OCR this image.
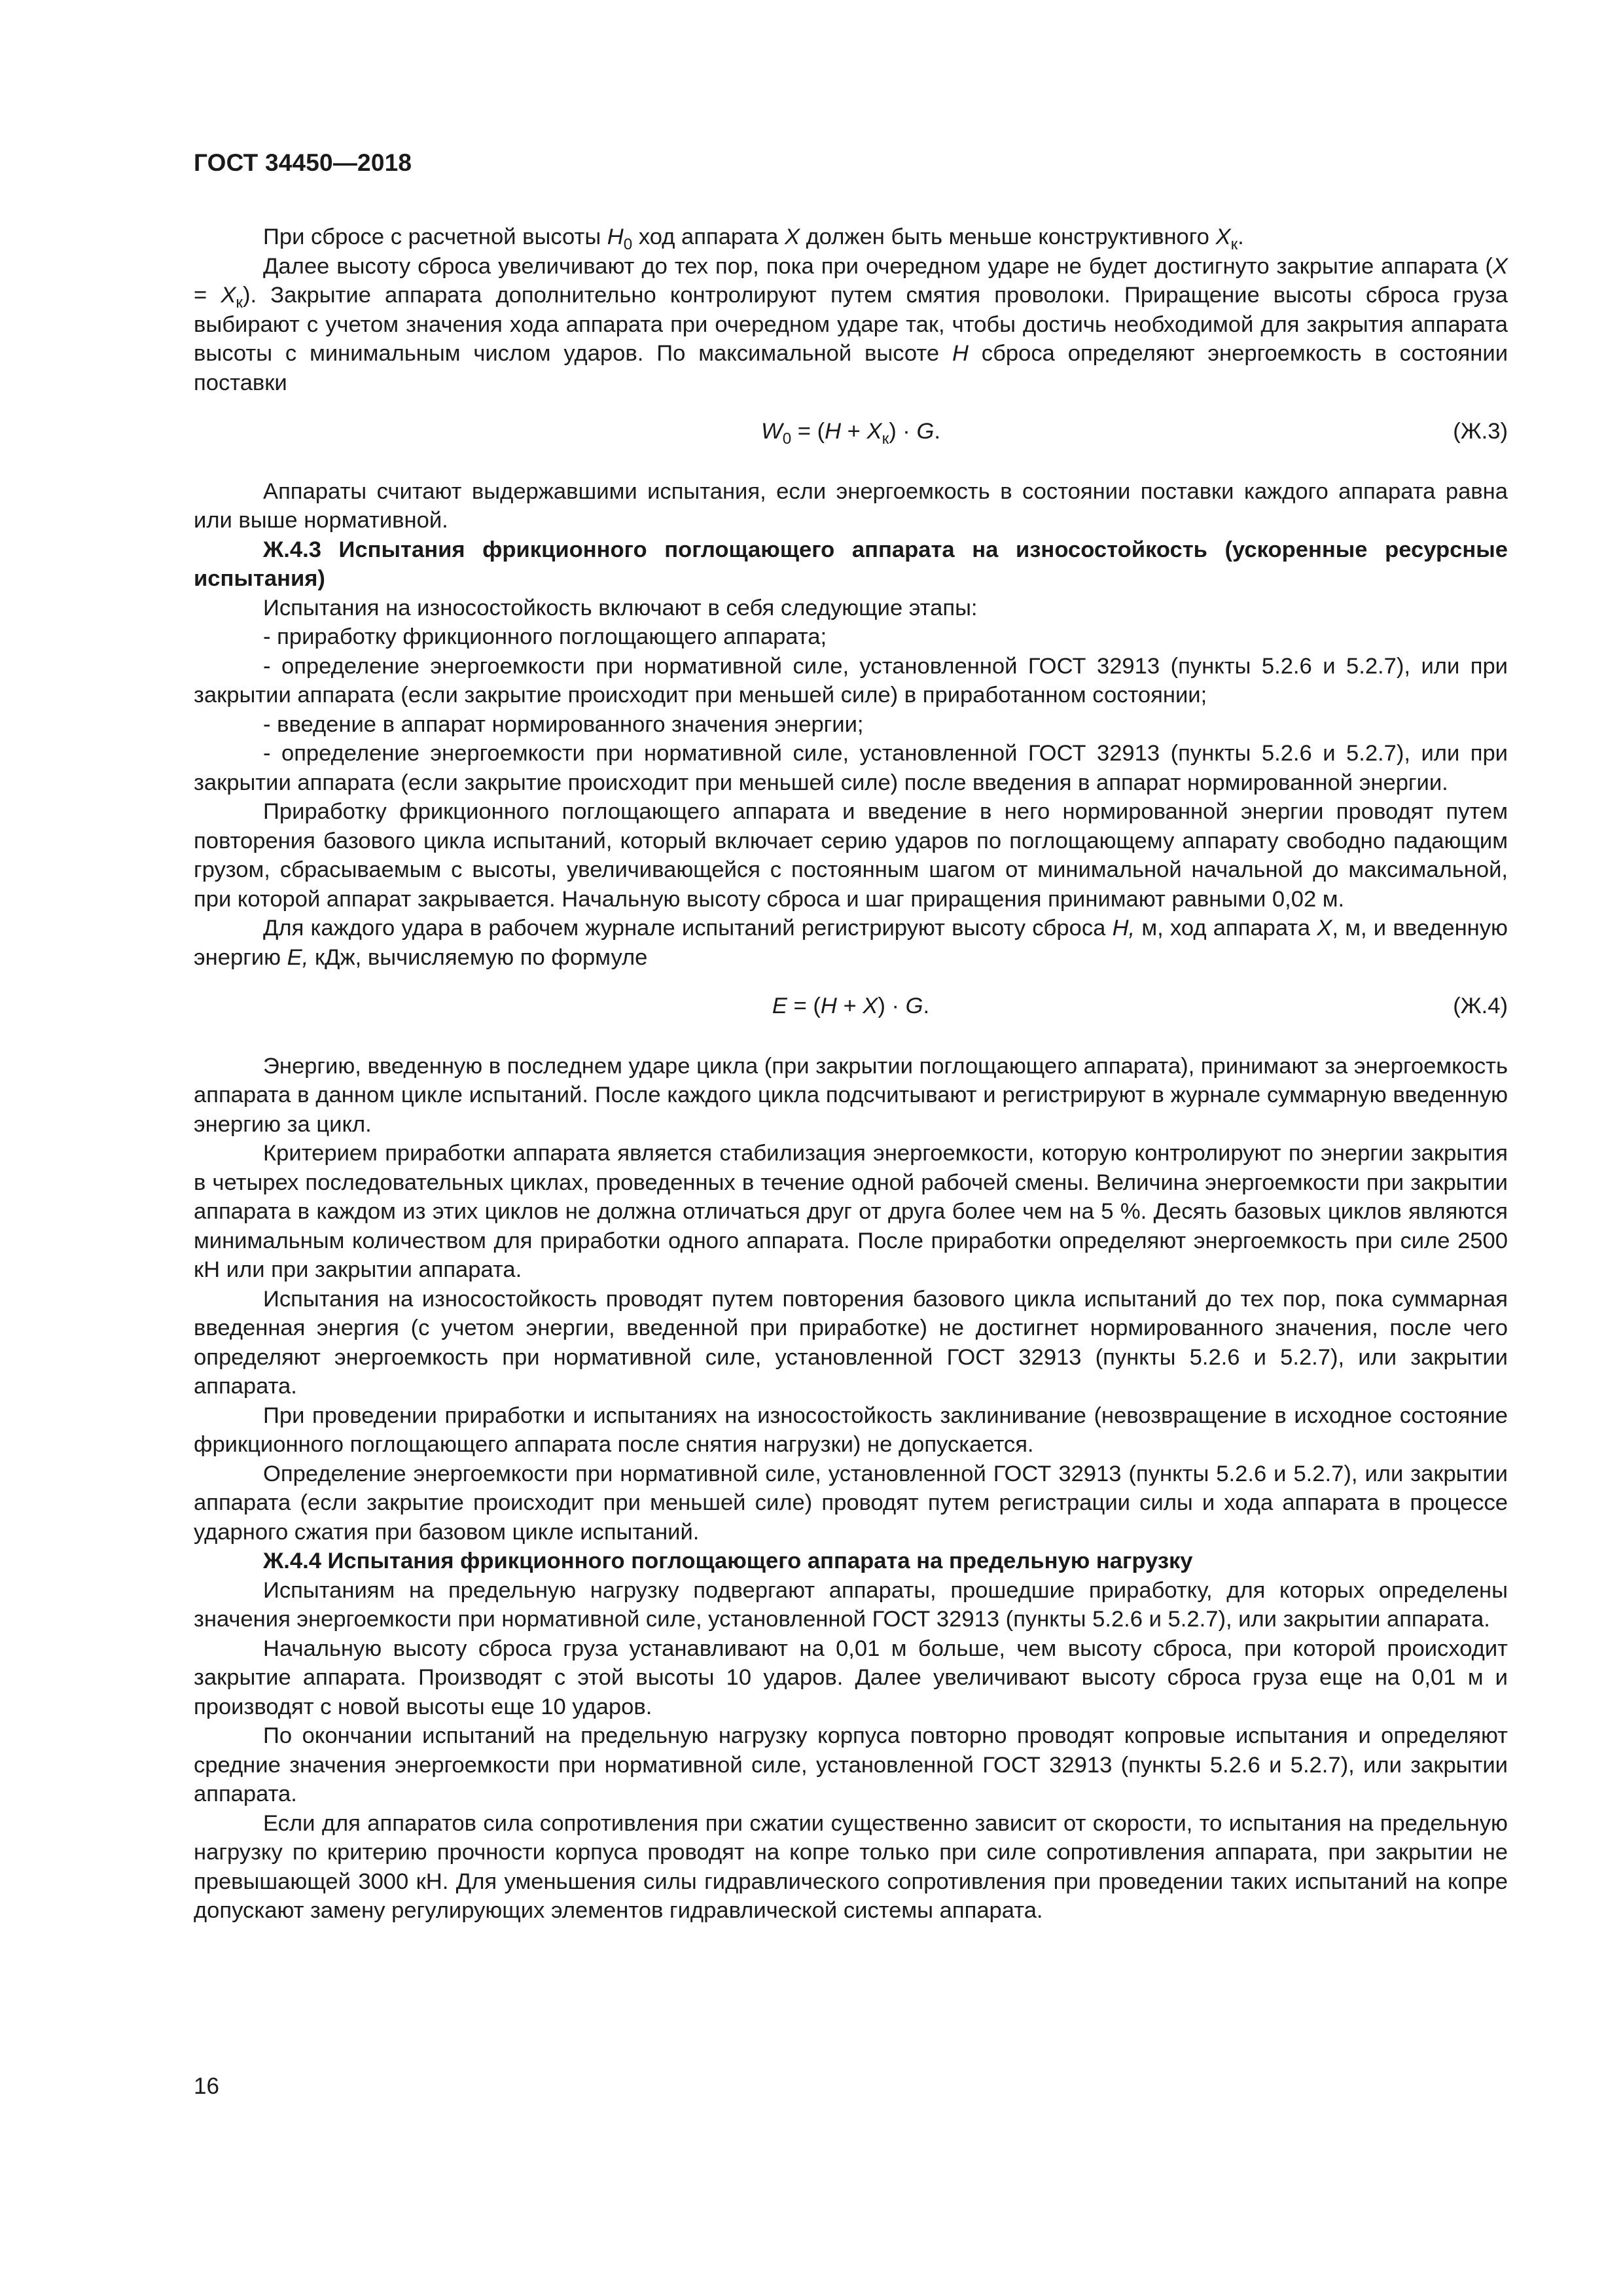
ГОСТ 34450—2018

При сбросе с расчетной высоты $H_0$ ход аппарата X должен быть меньше конструктивного $X_к$.

Далее высоту сброса увеличивают до тех пор, пока при очередном ударе не будет достигнуто закрытие аппарата $(X = X_к)$. Закрытие аппарата дополнительно контролируют путем смятия проволоки. Приращение высоты сброса груза выбирают с учетом значения хода аппарата при очередном ударе так, чтобы достичь необходимой для закрытия аппарата высоты с минимальным числом ударов. По максимальной высоте H сброса определяют энергоемкость в состоянии поставки

$W_0 = (H + X_к) \cdot G$.	(Ж.3)

Аппараты считают выдержавшими испытания, если энергоемкость в состоянии поставки каждого аппарата равна или выше нормативной.

Ж.4.3 Испытания фрикционного поглощающего аппарата на износостойкость (ускоренные ресурсные испытания)

Испытания на износостойкость включают в себя следующие этапы:

- приработку фрикционного поглощающего аппарата;

- определение энергоемкости при нормативной силе, установленной ГОСТ 32913 (пункты 5.2.6 и 5.2.7), или при закрытии аппарата (если закрытие происходит при меньшей силе) в приработанном состоянии;

- введение в аппарат нормированного значения энергии;

- определение энергоемкости при нормативной силе, установленной ГОСТ 32913 (пункты 5.2.6 и 5.2.7), или при закрытии аппарата (если закрытие происходит при меньшей силе) после введения в аппарат нормированной энергии.

Приработку фрикционного поглощающего аппарата и введение в него нормированной энергии проводят путем повторения базового цикла испытаний, который включает серию ударов по поглощающему аппарату свободно падающим грузом, сбрасываемым с высоты, увеличивающейся с постоянным шагом от минимальной начальной до максимальной, при которой аппарат закрывается. Начальную высоту сброса и шаг приращения принимают равными 0,02 м.

Для каждого удара в рабочем журнале испытаний регистрируют высоту сброса H, м, ход аппарата X, м, и введенную энергию E, кДж, вычисляемую по формуле

E = (H + X) · G.	(Ж.4)

Энергию, введенную в последнем ударе цикла (при закрытии поглощающего аппарата), принимают за энергоемкость аппарата в данном цикле испытаний. После каждого цикла подсчитывают и регистрируют в журнале суммарную введенную энергию за цикл.

Критерием приработки аппарата является стабилизация энергоемкости, которую контролируют по энергии закрытия в четырех последовательных циклах, проведенных в течение одной рабочей смены. Величина энергоемкости при закрытии аппарата в каждом из этих циклов не должна отличаться друг от друга более чем на 5 %. Десять базовых циклов являются минимальным количеством для приработки одного аппарата. После приработки определяют энергоемкость при силе 2500 кН или при закрытии аппарата.

Испытания на износостойкость проводят путем повторения базового цикла испытаний до тех пор, пока суммарная введенная энергия (с учетом энергии, введенной при приработке) не достигнет нормированного значения, после чего определяют энергоемкость при нормативной силе, установленной ГОСТ 32913 (пункты 5.2.6 и 5.2.7), или закрытии аппарата.

При проведении приработки и испытаниях на износостойкость заклинивание (невозвращение в исходное состояние фрикционного поглощающего аппарата после снятия нагрузки) не допускается.

Определение энергоемкости при нормативной силе, установленной ГОСТ 32913 (пункты 5.2.6 и 5.2.7), или закрытии аппарата (если закрытие происходит при меньшей силе) проводят путем регистрации силы и хода аппарата в процессе ударного сжатия при базовом цикле испытаний.

Ж.4.4 Испытания фрикционного поглощающего аппарата на предельную нагрузку

Испытаниям на предельную нагрузку подвергают аппараты, прошедшие приработку, для которых определены значения энергоемкости при нормативной силе, установленной ГОСТ 32913 (пункты 5.2.6 и 5.2.7), или закрытии аппарата.

Начальную высоту сброса груза устанавливают на 0,01 м больше, чем высоту сброса, при которой происходит закрытие аппарата. Производят с этой высоты 10 ударов. Далее увеличивают высоту сброса груза еще на 0,01 м и производят с новой высоты еще 10 ударов.

По окончании испытаний на предельную нагрузку корпуса повторно проводят копровые испытания и определяют средние значения энергоемкости при нормативной силе, установленной ГОСТ 32913 (пункты 5.2.6 и 5.2.7), или закрытии аппарата.

Если для аппаратов сила сопротивления при сжатии существенно зависит от скорости, то испытания на предельную нагрузку по критерию прочности корпуса проводят на копре только при силе сопротивления аппарата, при закрытии не превышающей 3000 кН. Для уменьшения силы гидравлического сопротивления при проведении таких испытаний на копре допускают замену регулирующих элементов гидравлической системы аппарата.

16
